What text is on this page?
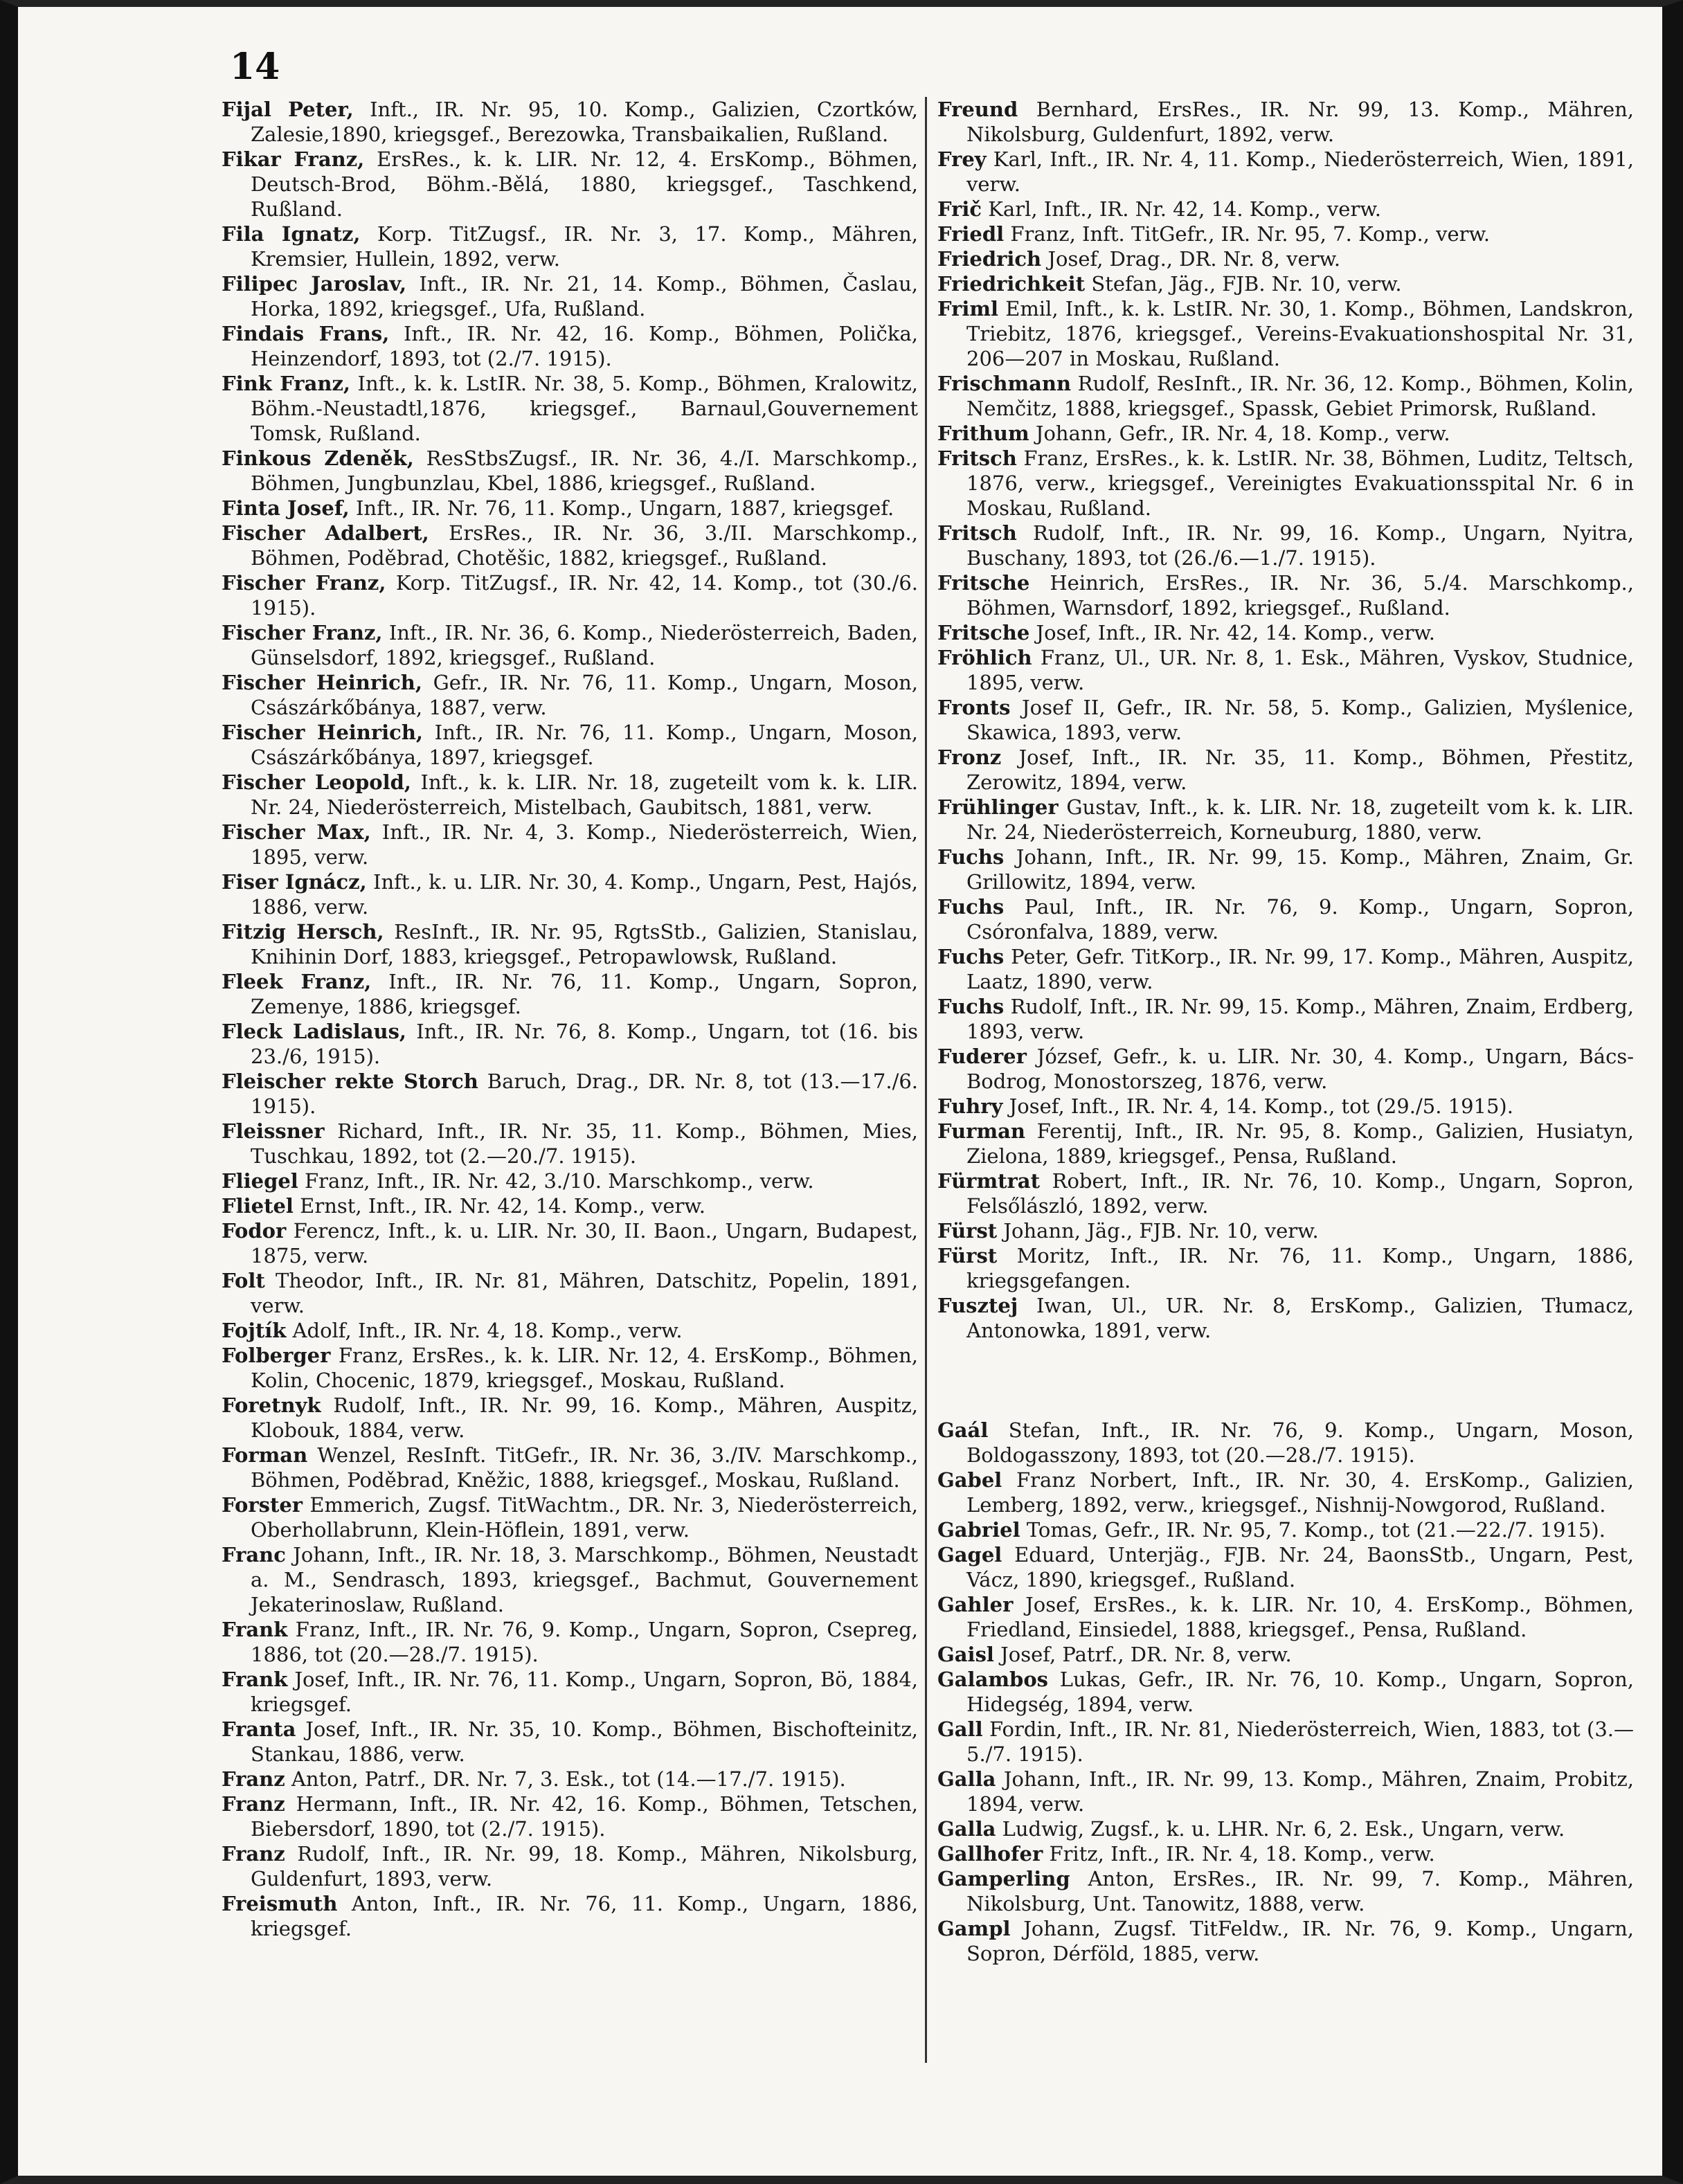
14

Fijal Peter, Inft., IR. Nr. 95, 10. Komp., Galizien, Czortków, Zalesie,1890, kriegsgef., Berezowka, Transbaikalien, Rußland.

Fikar Franz, ErsRes., k. k. LIR. Nr. 12, 4. ErsKomp., Böhmen, Deutsch-Brod, Böhm.-Bělá, 1880, kriegsgef., Taschkend, Rußland.

Fila Ignatz, Korp. TitZugsf., IR. Nr. 3, 17. Komp., Mähren, Kremsier, Hullein, 1892, verw.

Filipec Jaroslav, Inft., IR. Nr. 21, 14. Komp., Böhmen, Časlau, Horka, 1892, kriegsgef., Ufa, Rußland.

Findais Frans, Inft., IR. Nr. 42, 16. Komp., Böhmen, Polička, Heinzendorf, 1893, tot (2./7. 1915).

Fink Franz, Inft., k. k. LstIR. Nr. 38, 5. Komp., Böhmen, Kralowitz, Böhm.-Neustadtl,1876, kriegsgef., Barnaul,Gouvernement Tomsk, Rußland.

Finkous Zdeněk, ResStbsZugsf., IR. Nr. 36, 4./I. Marschkomp., Böhmen, Jungbunzlau, Kbel, 1886, kriegsgef., Rußland.

Finta Josef, Inft., IR. Nr. 76, 11. Komp., Ungarn, 1887, kriegsgef.

Fischer Adalbert, ErsRes., IR. Nr. 36, 3./II. Marschkomp., Böhmen, Poděbrad, Chotěšic, 1882, kriegsgef., Rußland.

Fischer Franz, Korp. TitZugsf., IR. Nr. 42, 14. Komp., tot (30./6. 1915).

Fischer Franz, Inft., IR. Nr. 36, 6. Komp., Niederösterreich, Baden, Günselsdorf, 1892, kriegsgef., Rußland.

Fischer Heinrich, Gefr., IR. Nr. 76, 11. Komp., Ungarn, Moson, Császárkőbánya, 1887, verw.

Fischer Heinrich, Inft., IR. Nr. 76, 11. Komp., Ungarn, Moson, Császárkőbánya, 1897, kriegsgef.

Fischer Leopold, Inft., k. k. LIR. Nr. 18, zugeteilt vom k. k. LIR. Nr. 24, Niederösterreich, Mistelbach, Gaubitsch, 1881, verw.

Fischer Max, Inft., IR. Nr. 4, 3. Komp., Niederösterreich, Wien, 1895, verw.

Fiser Ignácz, Inft., k. u. LIR. Nr. 30, 4. Komp., Ungarn, Pest, Hajós, 1886, verw.

Fitzig Hersch, ResInft., IR. Nr. 95, RgtsStb., Galizien, Stanislau, Knihinin Dorf, 1883, kriegsgef., Petropawlowsk, Rußland.

Fleek Franz, Inft., IR. Nr. 76, 11. Komp., Ungarn, Sopron, Zemenye, 1886, kriegsgef.

Fleck Ladislaus, Inft., IR. Nr. 76, 8. Komp., Ungarn, tot (16. bis 23./6, 1915).

Fleischer rekte Storch Baruch, Drag., DR. Nr. 8, tot (13.—17./6. 1915).

Fleissner Richard, Inft., IR. Nr. 35, 11. Komp., Böhmen, Mies, Tuschkau, 1892, tot (2.—20./7. 1915).

Fliegel Franz, Inft., IR. Nr. 42, 3./10. Marschkomp., verw.

Flietel Ernst, Inft., IR. Nr. 42, 14. Komp., verw.

Fodor Ferencz, Inft., k. u. LIR. Nr. 30, II. Baon., Ungarn, Budapest, 1875, verw.

Folt Theodor, Inft., IR. Nr. 81, Mähren, Datschitz, Popelin, 1891, verw.

Fojtík Adolf, Inft., IR. Nr. 4, 18. Komp., verw.

Folberger Franz, ErsRes., k. k. LIR. Nr. 12, 4. ErsKomp., Böhmen, Kolin, Chocenic, 1879, kriegsgef., Moskau, Rußland.

Foretnyk Rudolf, Inft., IR. Nr. 99, 16. Komp., Mähren, Auspitz, Klobouk, 1884, verw.

Forman Wenzel, ResInft. TitGefr., IR. Nr. 36, 3./IV. Marschkomp., Böhmen, Poděbrad, Kněžic, 1888, kriegsgef., Moskau, Rußland.

Forster Emmerich, Zugsf. TitWachtm., DR. Nr. 3, Niederösterreich, Oberhollabrunn, Klein-Höflein, 1891, verw.

Franc Johann, Inft., IR. Nr. 18, 3. Marschkomp., Böhmen, Neustadt a. M., Sendrasch, 1893, kriegsgef., Bachmut, Gouvernement Jekaterinoslaw, Rußland.

Frank Franz, Inft., IR. Nr. 76, 9. Komp., Ungarn, Sopron, Csepreg, 1886, tot (20.—28./7. 1915).

Frank Josef, Inft., IR. Nr. 76, 11. Komp., Ungarn, Sopron, Bö, 1884, kriegsgef.

Franta Josef, Inft., IR. Nr. 35, 10. Komp., Böhmen, Bischofteinitz, Stankau, 1886, verw.

Franz Anton, Patrf., DR. Nr. 7, 3. Esk., tot (14.—17./7. 1915).

Franz Hermann, Inft., IR. Nr. 42, 16. Komp., Böhmen, Tetschen, Biebersdorf, 1890, tot (2./7. 1915).

Franz Rudolf, Inft., IR. Nr. 99, 18. Komp., Mähren, Nikolsburg, Guldenfurt, 1893, verw.

Freismuth Anton, Inft., IR. Nr. 76, 11. Komp., Ungarn, 1886, kriegsgef.

Freund Bernhard, ErsRes., IR. Nr. 99, 13. Komp., Mähren, Nikolsburg, Guldenfurt, 1892, verw.

Frey Karl, Inft., IR. Nr. 4, 11. Komp., Niederösterreich, Wien, 1891, verw.

Frič Karl, Inft., IR. Nr. 42, 14. Komp., verw.

Friedl Franz, Inft. TitGefr., IR. Nr. 95, 7. Komp., verw.

Friedrich Josef, Drag., DR. Nr. 8, verw.

Friedrichkeit Stefan, Jäg., FJB. Nr. 10, verw.

Friml Emil, Inft., k. k. LstIR. Nr. 30, 1. Komp., Böhmen, Landskron, Triebitz, 1876, kriegsgef., Vereins-Evakuationshospital Nr. 31, 206—207 in Moskau, Rußland.

Frischmann Rudolf, ResInft., IR. Nr. 36, 12. Komp., Böhmen, Kolin, Nemčitz, 1888, kriegsgef., Spassk, Gebiet Primorsk, Rußland.

Frithum Johann, Gefr., IR. Nr. 4, 18. Komp., verw.

Fritsch Franz, ErsRes., k. k. LstIR. Nr. 38, Böhmen, Luditz, Teltsch, 1876, verw., kriegsgef., Vereinigtes Evakuationsspital Nr. 6 in Moskau, Rußland.

Fritsch Rudolf, Inft., IR. Nr. 99, 16. Komp., Ungarn, Nyitra, Buschany, 1893, tot (26./6.—1./7. 1915).

Fritsche Heinrich, ErsRes., IR. Nr. 36, 5./4. Marschkomp., Böhmen, Warnsdorf, 1892, kriegsgef., Rußland.

Fritsche Josef, Inft., IR. Nr. 42, 14. Komp., verw.

Fröhlich Franz, Ul., UR. Nr. 8, 1. Esk., Mähren, Vyskov, Studnice, 1895, verw.

Fronts Josef II, Gefr., IR. Nr. 58, 5. Komp., Galizien, Myślenice, Skawica, 1893, verw.

Fronz Josef, Inft., IR. Nr. 35, 11. Komp., Böhmen, Přestitz, Zerowitz, 1894, verw.

Frühlinger Gustav, Inft., k. k. LIR. Nr. 18, zugeteilt vom k. k. LIR. Nr. 24, Niederösterreich, Korneuburg, 1880, verw.

Fuchs Johann, Inft., IR. Nr. 99, 15. Komp., Mähren, Znaim, Gr. Grillowitz, 1894, verw.

Fuchs Paul, Inft., IR. Nr. 76, 9. Komp., Ungarn, Sopron, Csóronfalva, 1889, verw.

Fuchs Peter, Gefr. TitKorp., IR. Nr. 99, 17. Komp., Mähren, Auspitz, Laatz, 1890, verw.

Fuchs Rudolf, Inft., IR. Nr. 99, 15. Komp., Mähren, Znaim, Erdberg, 1893, verw.

Fuderer József, Gefr., k. u. LIR. Nr. 30, 4. Komp., Ungarn, Bács-Bodrog, Monostorszeg, 1876, verw.

Fuhry Josef, Inft., IR. Nr. 4, 14. Komp., tot (29./5. 1915).

Furman Ferentij, Inft., IR. Nr. 95, 8. Komp., Galizien, Husiatyn, Zielona, 1889, kriegsgef., Pensa, Rußland.

Fürmtrat Robert, Inft., IR. Nr. 76, 10. Komp., Ungarn, Sopron, Felsőlászló, 1892, verw.

Fürst Johann, Jäg., FJB. Nr. 10, verw.

Fürst Moritz, Inft., IR. Nr. 76, 11. Komp., Ungarn, 1886, kriegsgefangen.

Fusztej Iwan, Ul., UR. Nr. 8, ErsKomp., Galizien, Tłumacz, Antonowka, 1891, verw.

Gaál Stefan, Inft., IR. Nr. 76, 9. Komp., Ungarn, Moson, Boldogasszony, 1893, tot (20.—28./7. 1915).

Gabel Franz Norbert, Inft., IR. Nr. 30, 4. ErsKomp., Galizien, Lemberg, 1892, verw., kriegsgef., Nishnij-Nowgorod, Rußland.

Gabriel Tomas, Gefr., IR. Nr. 95, 7. Komp., tot (21.—22./7. 1915).

Gagel Eduard, Unterjäg., FJB. Nr. 24, BaonsStb., Ungarn, Pest, Vácz, 1890, kriegsgef., Rußland.

Gahler Josef, ErsRes., k. k. LIR. Nr. 10, 4. ErsKomp., Böhmen, Friedland, Einsiedel, 1888, kriegsgef., Pensa, Rußland.

Gaisl Josef, Patrf., DR. Nr. 8, verw.

Galambos Lukas, Gefr., IR. Nr. 76, 10. Komp., Ungarn, Sopron, Hidegség, 1894, verw.

Gall Fordin, Inft., IR. Nr. 81, Niederösterreich, Wien, 1883, tot (3.—5./7. 1915).

Galla Johann, Inft., IR. Nr. 99, 13. Komp., Mähren, Znaim, Probitz, 1894, verw.

Galla Ludwig, Zugsf., k. u. LHR. Nr. 6, 2. Esk., Ungarn, verw.

Gallhofer Fritz, Inft., IR. Nr. 4, 18. Komp., verw.

Gamperling Anton, ErsRes., IR. Nr. 99, 7. Komp., Mähren, Nikolsburg, Unt. Tanowitz, 1888, verw.

Gampl Johann, Zugsf. TitFeldw., IR. Nr. 76, 9. Komp., Ungarn, Sopron, Dérföld, 1885, verw.
